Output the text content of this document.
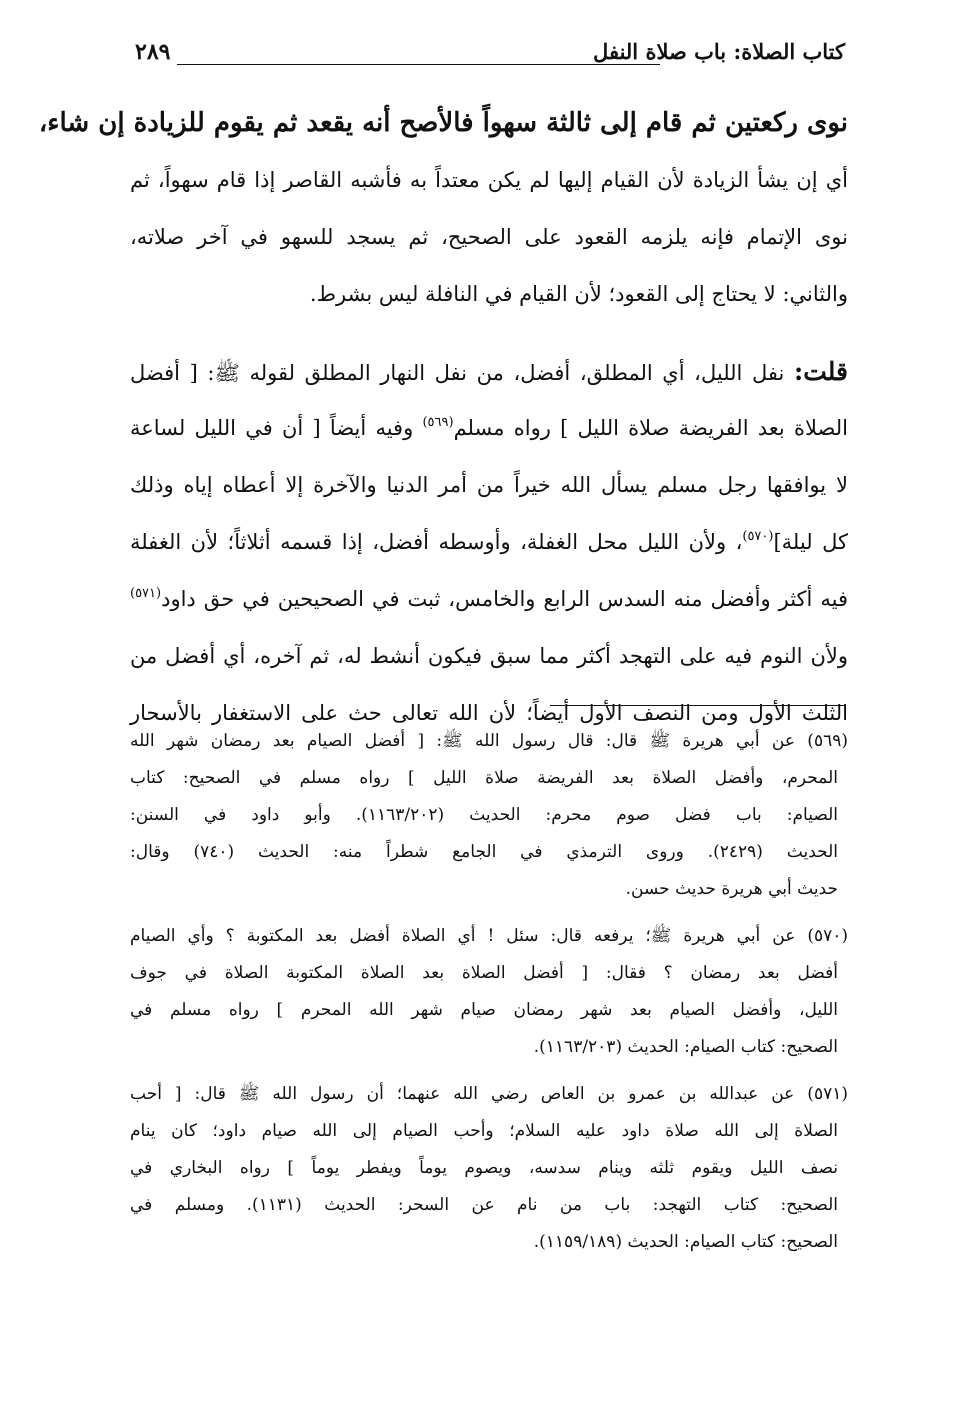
كتاب الصلاة: باب صلاة النفل
٢٨٩
نوى ركعتين ثم قام إلى ثالثة سهواً فالأصح أنه يقعد ثم يقوم للزيادة إن شاء،
أي إن يشأ الزيادة لأن القيام إليها لم يكن معتداً به فأشبه القاصر إذا قام سهواً، ثم
نوى الإتمام فإنه يلزمه القعود على الصحيح، ثم يسجد للسهو في آخر صلاته،
والثاني: لا يحتاج إلى القعود؛ لأن القيام في النافلة ليس بشرط.
قلت: نفل الليل، أي المطلق، أفضل، من نفل النهار المطلق لقوله ﷺ: [ أفضل
الصلاة بعد الفريضة صلاة الليل ] رواه مسلم$^{(٥٦٩)}$ وفيه أيضاً [ أن في الليل لساعة
لا يوافقها رجل مسلم يسأل الله خيراً من أمر الدنيا والآخرة إلا أعطاه إياه وذلك
كل ليلة]$^{(٥٧٠)}$، ولأن الليل محل الغفلة، وأوسطه أفضل، إذا قسمه أثلاثاً؛ لأن الغفلة
فيه أكثر وأفضل منه السدس الرابع والخامس، ثبت في الصحيحين في حق داود$^{(٥٧١)}$
ولأن النوم فيه على التهجد أكثر مما سبق فيكون أنشط له، ثم آخره، أي أفضل من
الثلث الأول ومن النصف الأول أيضاً؛ لأن الله تعالى حث على الاستغفار بالأسحار
(٥٦٩) عن أبي هريرة ﷺ قال: قال رسول الله ﷺ: [ أفضل الصيام بعد رمضان شهر الله
المحرم، وأفضل الصلاة بعد الفريضة صلاة الليل ] رواه مسلم في الصحيح: كتاب
الصيام: باب فضل صوم محرم: الحديث (١١٦٣/٢٠٢). وأبو داود في السنن:
الحديث (٢٤٢٩). وروى الترمذي في الجامع شطراً منه: الحديث (٧٤٠) وقال:
حديث أبي هريرة حديث حسن.
(٥٧٠) عن أبي هريرة ﷺ؛ يرفعه قال: سئل ! أي الصلاة أفضل بعد المكتوبة ؟ وأي الصيام
أفضل بعد رمضان ؟ فقال: [ أفضل الصلاة بعد الصلاة المكتوبة الصلاة في جوف
الليل، وأفضل الصيام بعد شهر رمضان صيام شهر الله المحرم ] رواه مسلم في
الصحيح: كتاب الصيام: الحديث (١١٦٣/٢٠٣).
(٥٧١) عن عبدالله بن عمرو بن العاص رضي الله عنهما؛ أن رسول الله ﷺ قال: [ أحب
الصلاة إلى الله صلاة داود عليه السلام؛ وأحب الصيام إلى الله صيام داود؛ كان ينام
نصف الليل ويقوم ثلثه وينام سدسه، ويصوم يوماً ويفطر يوماً ] رواه البخاري في
الصحيح: كتاب التهجد: باب من نام عن السحر: الحديث (١١٣١). ومسلم في
الصحيح: كتاب الصيام: الحديث (١١٥٩/١٨٩).
